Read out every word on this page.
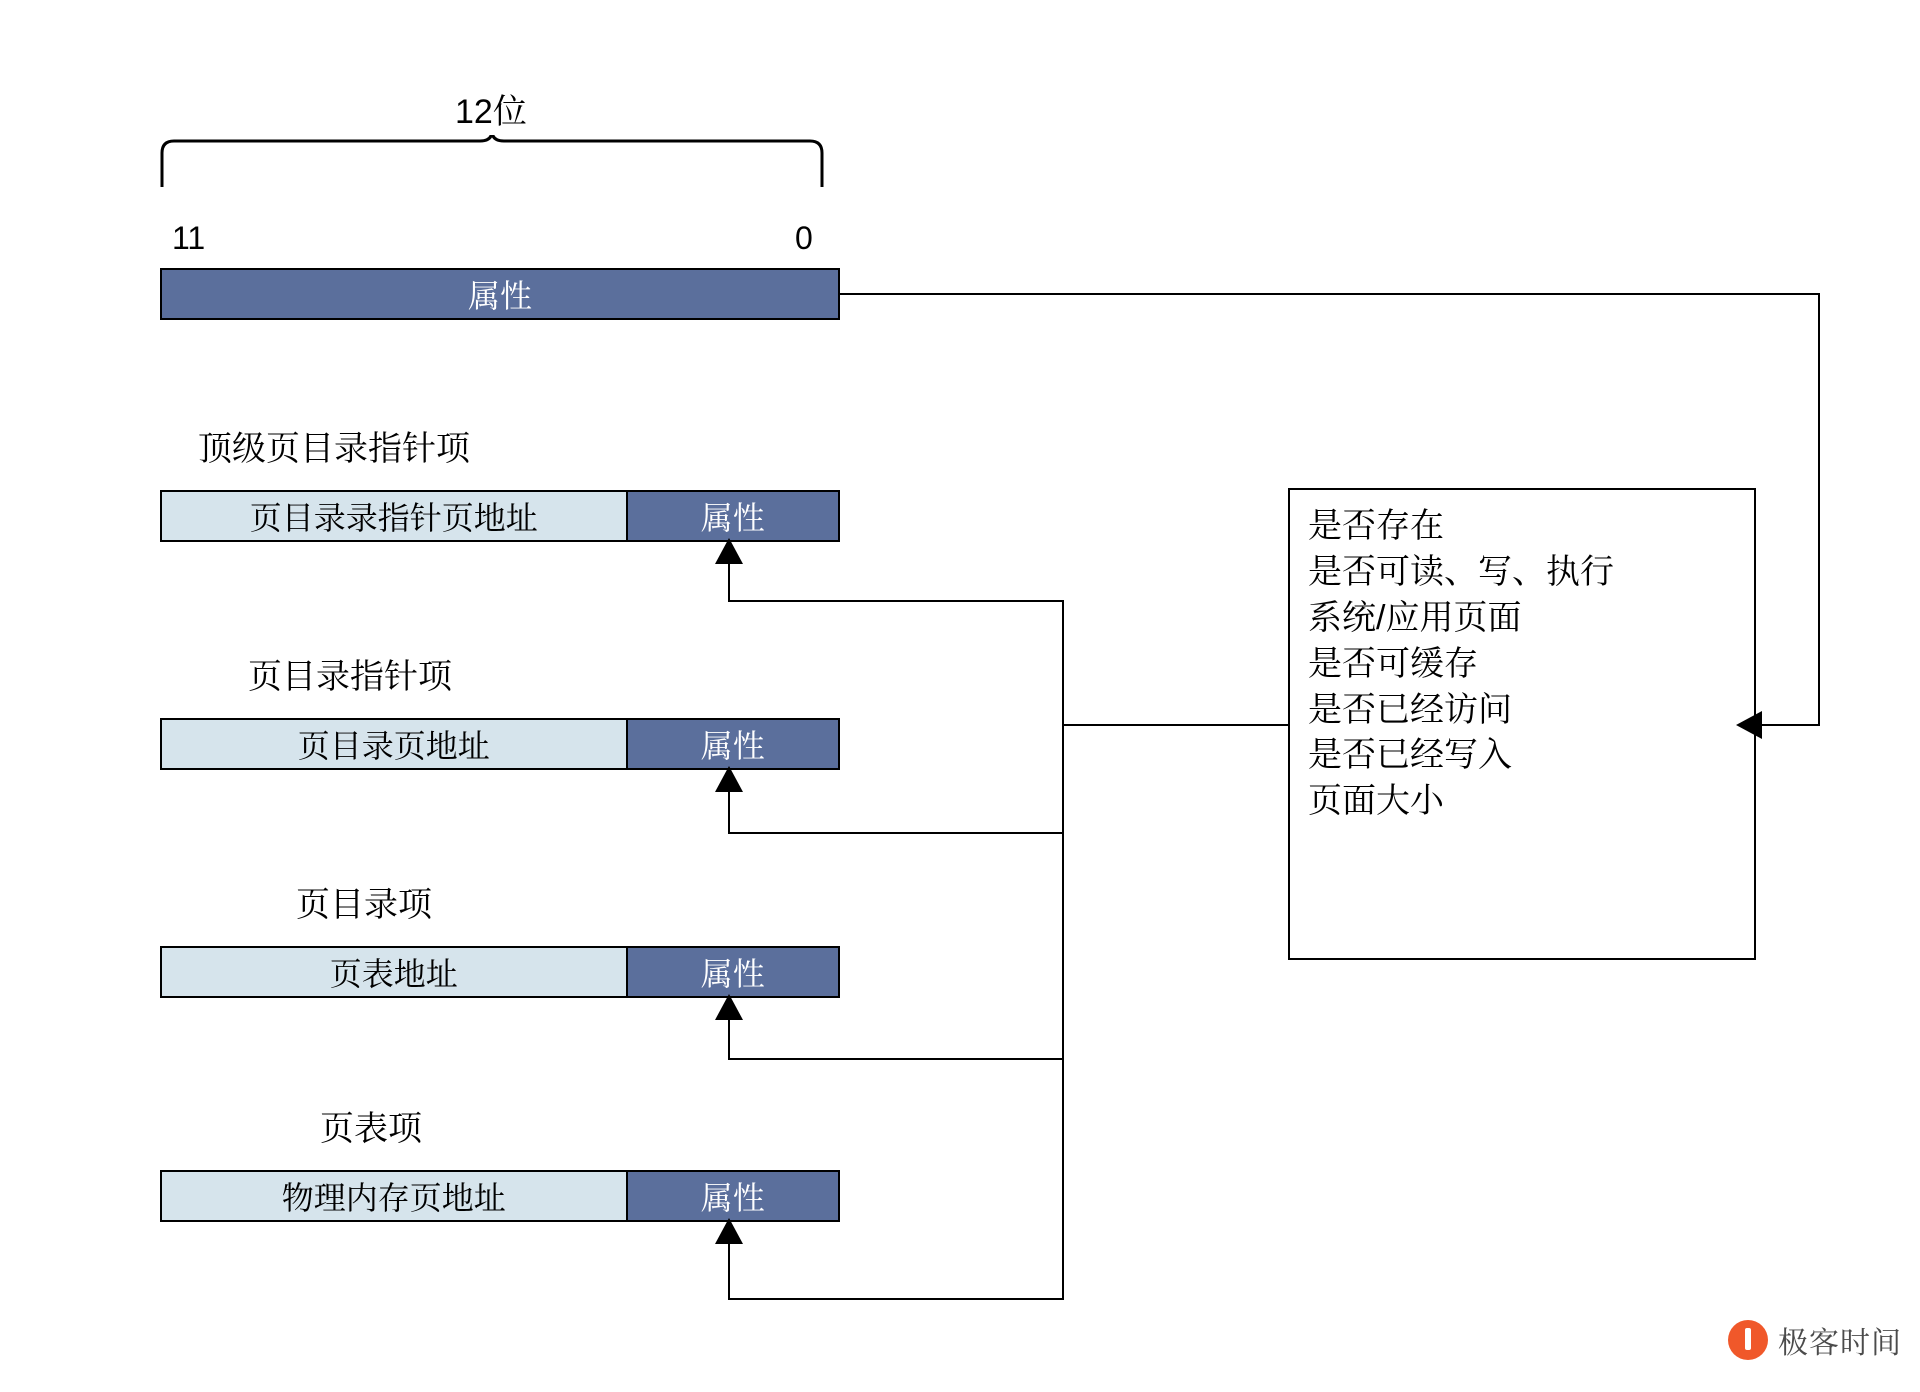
12位
11	0
属性
顶级页目录指针项
页目录录指针页地址	属性
页目录指针项
页目录页地址	属性
页目录项
页表地址	属性
页表项
物理内存页地址	属性
是否存在
是否可读、写、执行
系统/应用页面
是否可缓存
是否已经访问
是否已经写入
页面大小
极客时间
